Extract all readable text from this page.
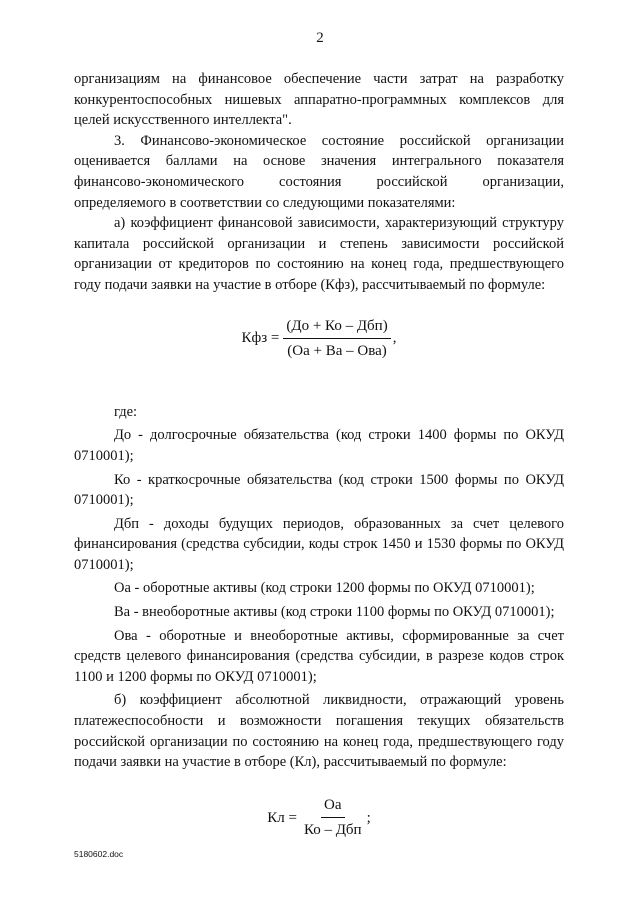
2

организациям на финансовое обеспечение части затрат на разработку конкурентоспособных нишевых аппаратно-программных комплексов для целей искусственного интеллекта".

3. Финансово-экономическое состояние российской организации оценивается баллами на основе значения интегрального показателя финансово-экономического состояния российской организации, определяемого в соответствии со следующими показателями:

а) коэффициент финансовой зависимости, характеризующий структуру капитала российской организации и степень зависимости российской организации от кредиторов по состоянию на конец года, предшествующего году подачи заявки на участие в отборе (Кфз), рассчитываемый по формуле:

Кфз = $\frac{\text{(До + Ко – Дбп)}}{\text{(Оа + Ва – Ова)}}$ ,

где:

До - долгосрочные обязательства (код строки 1400 формы по ОКУД 0710001);

Ко - краткосрочные обязательства (код строки 1500 формы по ОКУД 0710001);

Дбп - доходы будущих периодов, образованных за счет целевого финансирования (средства субсидии, коды строк 1450 и 1530 формы по ОКУД 0710001);

Оа - оборотные активы (код строки 1200 формы по ОКУД 0710001);

Ва - внеоборотные активы (код строки 1100 формы по ОКУД 0710001);

Ова - оборотные и внеоборотные активы, сформированные за счет средств целевого финансирования (средства субсидии, в разрезе кодов строк 1100 и 1200 формы по ОКУД 0710001);

б) коэффициент абсолютной ликвидности, отражающий уровень платежеспособности и возможности погашения текущих обязательств российской организации по состоянию на конец года, предшествующего году подачи заявки на участие в отборе (Кл), рассчитываемый по формуле:

Кл = $\frac{Оа}{\text{Ко – Дбп}}$ ;
5180602.doc
